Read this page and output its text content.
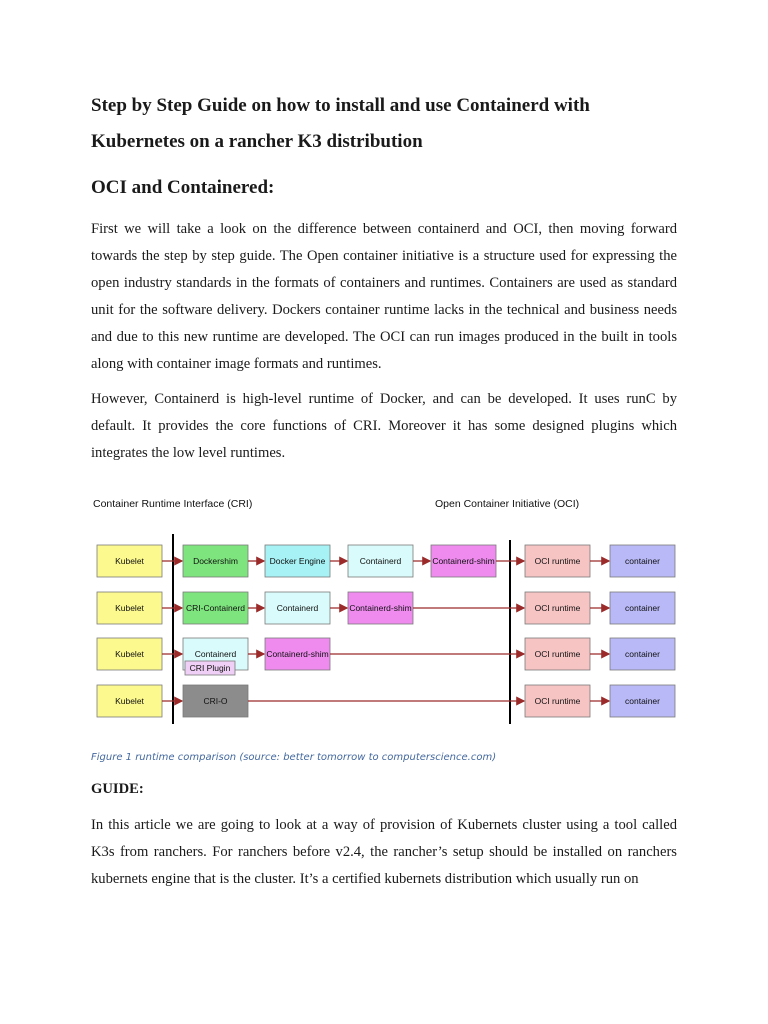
Step by Step Guide on how to install and use Containerd with Kubernetes on a rancher K3 distribution
OCI and Containered:

First we will take a look on the difference between containerd and OCI, then moving forward towards the step by step guide. The Open container initiative is a structure used for expressing the open industry standards in the formats of containers and runtimes. Containers are used as standard unit for the software delivery. Dockers container runtime lacks in the technical and business needs and due to this new runtime are developed. The OCI can run images produced in the built in tools along with container image formats and runtimes.

However, Containerd is high-level runtime of Docker, and can be developed. It uses runC by default. It provides the core functions of CRI. Moreover it has some designed plugins which integrates the low level runtimes.

Figure 1 runtime comparison (source: better tomorrow to computerscience.com)

GUIDE:

In this article we are going to look at a way of provision of Kubernets cluster using a tool called K3s from ranchers. For ranchers before v2.4, the rancher’s setup should be installed on ranchers kubernets engine that is the cluster. It’s a certified kubernets distribution which usually run on

Container Runtime Interface (CRI)	Open Container Initiative (OCI)
Kubelet	Dockershim	Docker Engine	Containerd	Containerd-shim	OCI runtime	container
Kubelet	CRI-Containerd	Containerd	Containerd-shim	OCI runtime	container
Kubelet	Containerd	Containerd-shim	OCI runtime	container
CRI Plugin
Kubelet	CRI-O	OCI runtime	container
